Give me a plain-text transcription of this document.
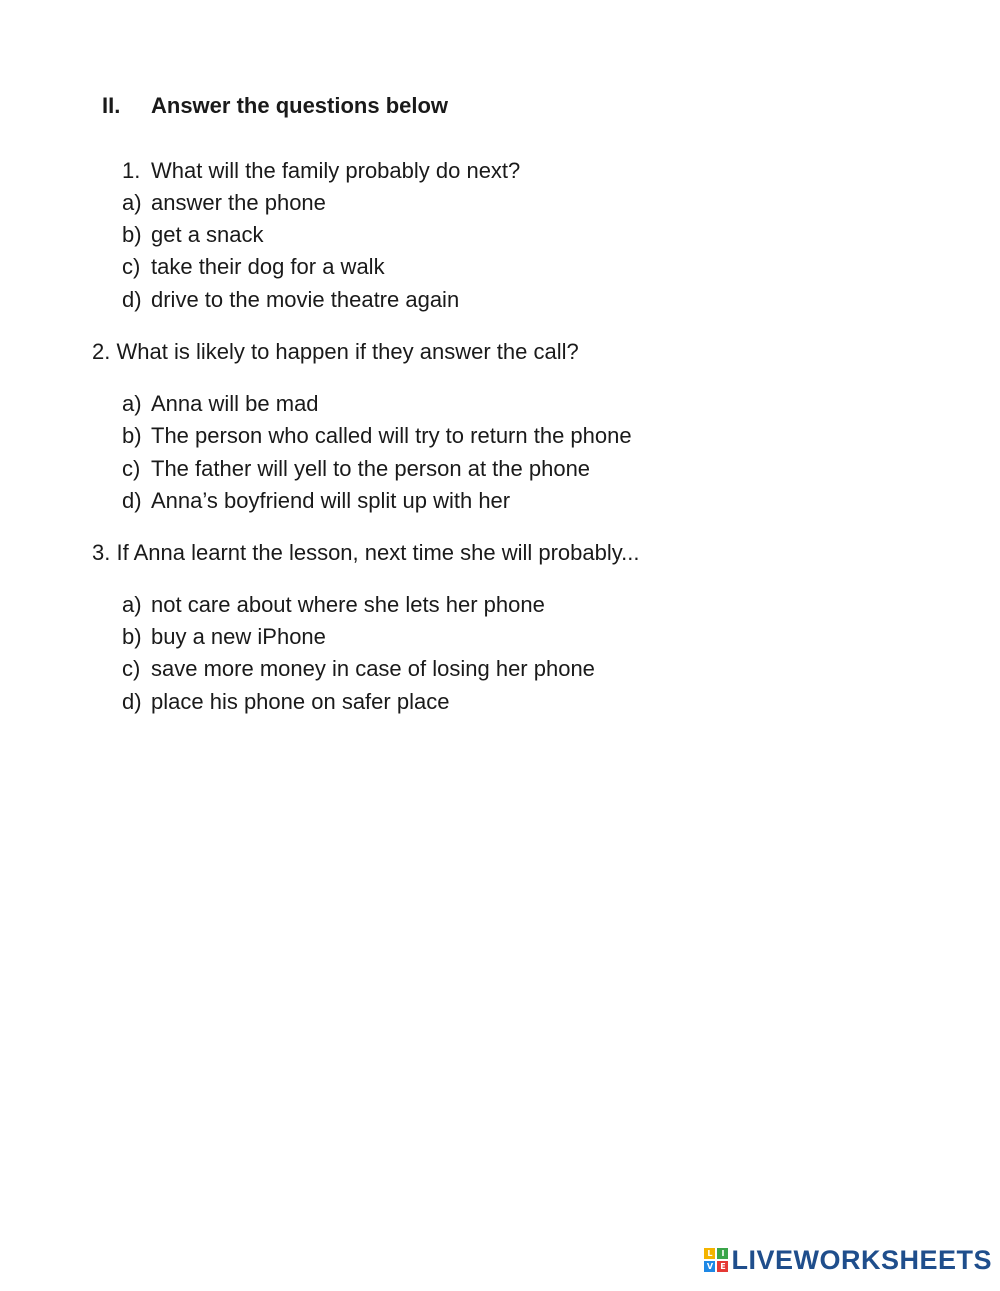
II. Answer the questions below
1. What will the family probably do next?
a) answer the phone
b) get a snack
c) take their dog for a walk
d) drive to the movie theatre again
2. What is likely to happen if they answer the call?
a) Anna will be mad
b) The person who called will try to return the phone
c) The father will yell to the person at the phone
d) Anna’s boyfriend will split up with her
3. If Anna learnt the lesson, next time she will probably...
a) not care about where she lets her phone
b) buy a new iPhone
c) save more money in case of losing her phone
d) place his phone on safer place
L	I
V E LIVEWORKSHEETS
